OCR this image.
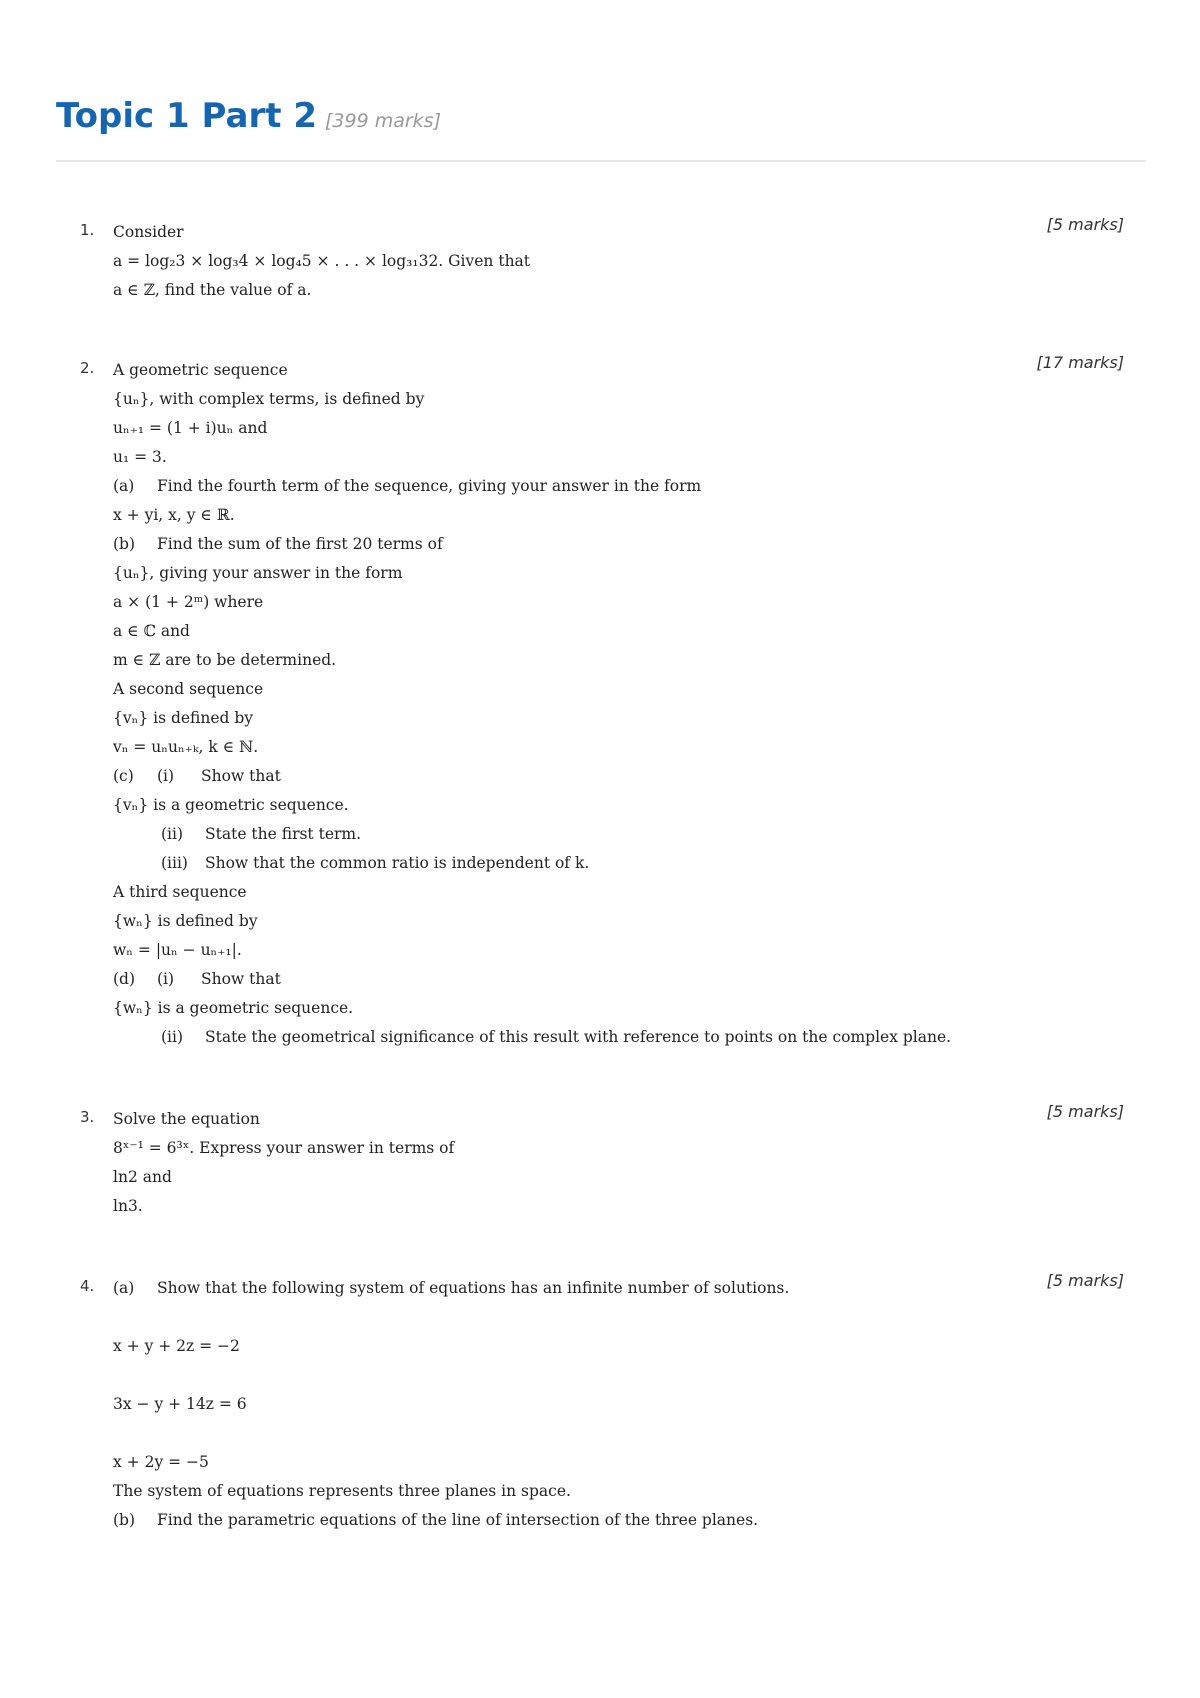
Topic 1 Part 2 [399 marks]
1.	[5 marks]
Consider
a = log₂3 × log₃4 × log₄5 × . . . × log₃₁32. Given that
a ∈ ℤ, find the value of a.
2.	[17 marks]
A geometric sequence
{uₙ}, with complex terms, is defined by
uₙ₊₁ = (1 + i)uₙ and
u₁ = 3.
(a) Find the fourth term of the sequence, giving your answer in the form
x + yi, x, y ∈ ℝ.
(b) Find the sum of the first 20 terms of
{uₙ}, giving your answer in the form
a × (1 + 2ᵐ) where
a ∈ ℂ and
m ∈ ℤ are to be determined.
A second sequence
{vₙ} is defined by
vₙ = uₙuₙ₊ₖ, k ∈ ℕ.
(c) (i) Show that
{vₙ} is a geometric sequence.
(ii) State the first term.
(iii) Show that the common ratio is independent of k.
A third sequence
{wₙ} is defined by
wₙ = |uₙ − uₙ₊₁|.
(d) (i) Show that
{wₙ} is a geometric sequence.
(ii) State the geometrical significance of this result with reference to points on the complex plane.
3.	[5 marks]
Solve the equation
8ˣ⁻¹ = 6³ˣ. Express your answer in terms of
ln2 and
ln3.
4.	[5 marks]
(a) Show that the following system of equations has an infinite number of solutions.
x + y + 2z = −2
3x − y + 14z = 6
x + 2y = −5
The system of equations represents three planes in space.
(b) Find the parametric equations of the line of intersection of the three planes.
